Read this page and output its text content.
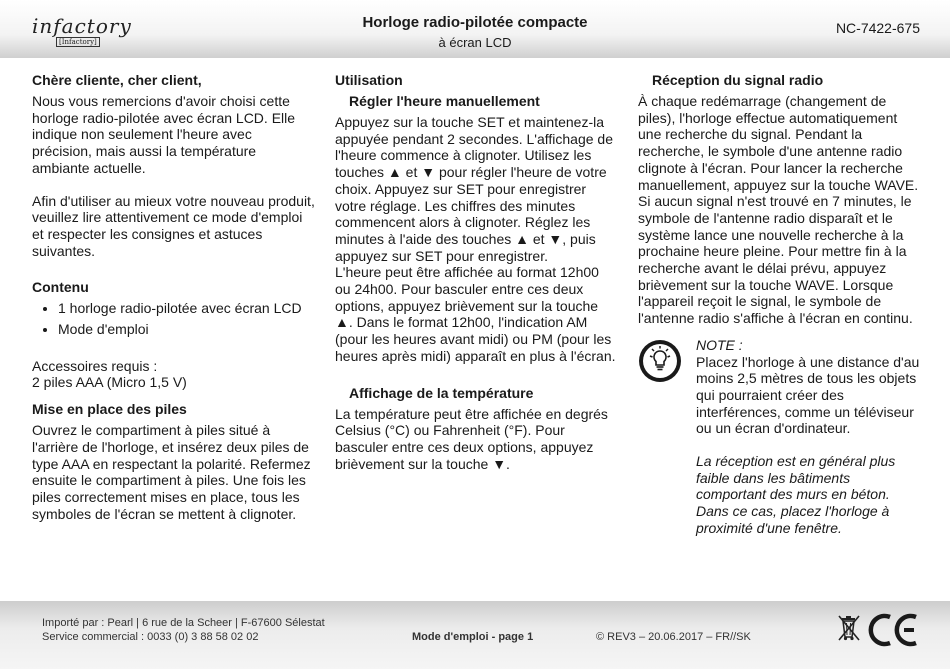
infactory
[Infactory]
Horloge radio-pilotée compacte
à écran LCD
NC-7422-675
Chère cliente, cher client,

Nous vous remercions d'avoir choisi cette horloge radio-pilotée avec écran LCD. Elle indique non seulement l'heure avec précision, mais aussi la température ambiante actuelle.

Afin d'utiliser au mieux votre nouveau produit, veuillez lire attentivement ce mode d'emploi et respecter les consignes et astuces suivantes.

Contenu
• 1 horloge radio-pilotée avec écran LCD
• Mode d'emploi

Accessoires requis :

2 piles AAA (Micro 1,5 V)

Mise en place des piles

Ouvrez le compartiment à piles situé à l'arrière de l'horloge, et insérez deux piles de type AAA en respectant la polarité. Refermez ensuite le compartiment à piles. Une fois les piles correctement mises en place, tous les symboles de l'écran se mettent à clignoter.

Utilisation
Régler l'heure manuellement

Appuyez sur la touche SET et maintenez-la appuyée pendant 2 secondes. L'affichage de l'heure commence à clignoter. Utilisez les touches ▲ et ▼ pour régler l'heure de votre choix. Appuyez sur SET pour enregistrer votre réglage. Les chiffres des minutes commencent alors à clignoter. Réglez les minutes à l'aide des touches ▲ et ▼, puis appuyez sur SET pour enregistrer.

L'heure peut être affichée au format 12h00 ou 24h00. Pour basculer entre ces deux options, appuyez brièvement sur la touche ▲. Dans le format 12h00, l'indication AM (pour les heures avant midi) ou PM (pour les heures après midi) apparaît en plus à l'écran.

Affichage de la température

La température peut être affichée en degrés Celsius (°C) ou Fahrenheit (°F). Pour basculer entre ces deux options, appuyez brièvement sur la touche ▼.

Réception du signal radio

À chaque redémarrage (changement de piles), l'horloge effectue automatiquement une recherche du signal. Pendant la recherche, le symbole d'une antenne radio clignote à l'écran. Pour lancer la recherche manuellement, appuyez sur la touche WAVE. Si aucun signal n'est trouvé en 7 minutes, le symbole de l'antenne radio disparaît et le système lance une nouvelle recherche à la prochaine heure pleine. Pour mettre fin à la recherche avant le délai prévu, appuyez brièvement sur la touche WAVE. Lorsque l'appareil reçoit le signal, le symbole de l'antenne radio s'affiche à l'écran en continu.

NOTE :

Placez l'horloge à une distance d'au moins 2,5 mètres de tous les objets qui pourraient créer des interférences, comme un téléviseur ou un écran d'ordinateur.

La réception est en général plus faible dans les bâtiments comportant des murs en béton. Dans ce cas, placez l'horloge à proximité d'une fenêtre.

Importé par : Pearl | 6 rue de la Scheer | F-67600 Sélestat
Service commercial : 0033 (0) 3 88 58 02 02	Mode d'emploi - page 1	© REV3 – 20.06.2017 – FR//SK
